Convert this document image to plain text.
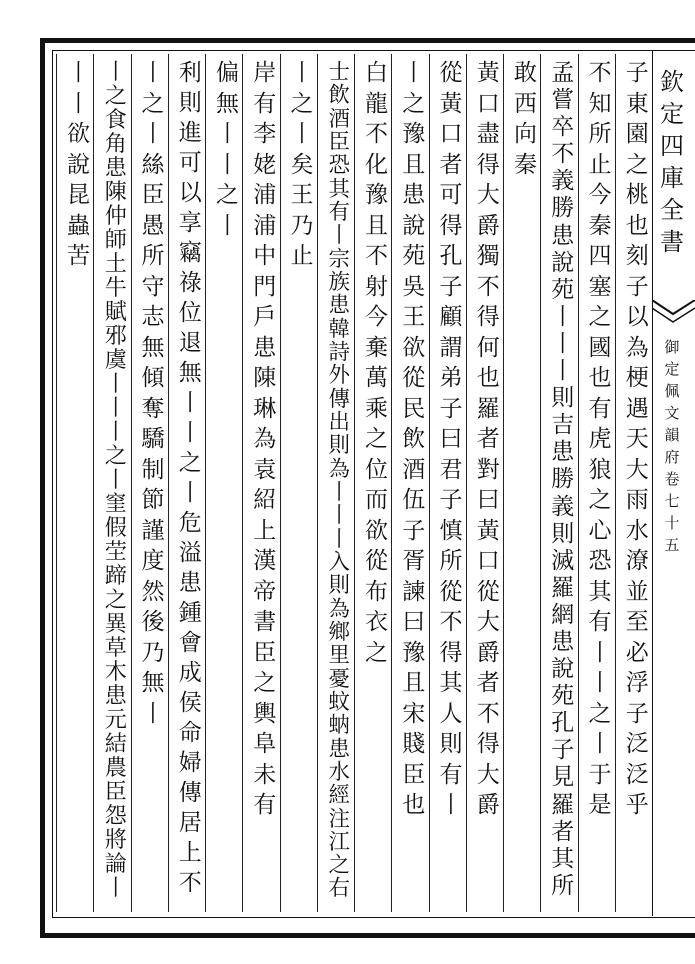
欽
定
四
庫
全
書
御
定
佩
文
韻
府
卷
七
十
五
子
東
園
之
桃
也
刻
子
以
為
梗
遇
天
大
雨
水
潦
並
至
必
浮
子
泛
泛
乎
不
知
所
止
今
秦
四
塞
之
國
也
有
虎
狼
之
心
恐
其
有
丨
丨
之
丨
于
是
孟
嘗
卒
不
義
勝
患
說
苑
丨
丨
丨
則
吉
患
勝
義
則
滅
羅
網
患
說
苑
孔
子
見
羅
者
其
所
敢
西
向
秦
黃
口
盡
得
大
爵
獨
不
得
何
也
羅
者
對
曰
黃
口
從
大
爵
者
不
得
大
爵
從
黃
口
者
可
得
孔
子
顧
謂
弟
子
曰
君
子
慎
所
從
不
得
其
人
則
有
丨
丨
之
豫
且
患
說
苑
吳
王
欲
從
民
飲
酒
伍
子
胥
諫
曰
豫
且
宋
賤
臣
也
白
龍
不
化
豫
且
不
射
今
棄
萬
乘
之
位
而
欲
從
布
衣
之
士
飲
酒
臣
恐
其
有
丨
宗
族
患
韓
詩
外
傳
出
則
為
丨
丨
丨
入
則
為
鄉
里
憂
蚊
蚋
患
水
經
注
江
之
右
丨
之
丨
矣
王
乃
止
岸
有
李
姥
浦
浦
中
門
戶
患
陳
琳
為
袁
紹
上
漢
帝
書
臣
之
輿
阜
未
有
偏
無
丨
丨
之
丨
利
則
進
可
以
享
竊
祿
位
退
無
丨
丨
之
丨
危
溢
患
鍾
會
成
侯
命
婦
傳
居
上
不
丨
之
丨
絲
臣
愚
所
守
志
無
傾
奪
驕
制
節
謹
度
然
後
乃
無
丨
丨
之
食
角
患
陳
仲
師
土
牛
賦
邪
虞
丨
丨
丨
之
丨
窐
假
茔
蹄
之
異
草
木
患
元
結
農
臣
怨
將
論
丨
丨
丨
欲
說
昆
蟲
苦
